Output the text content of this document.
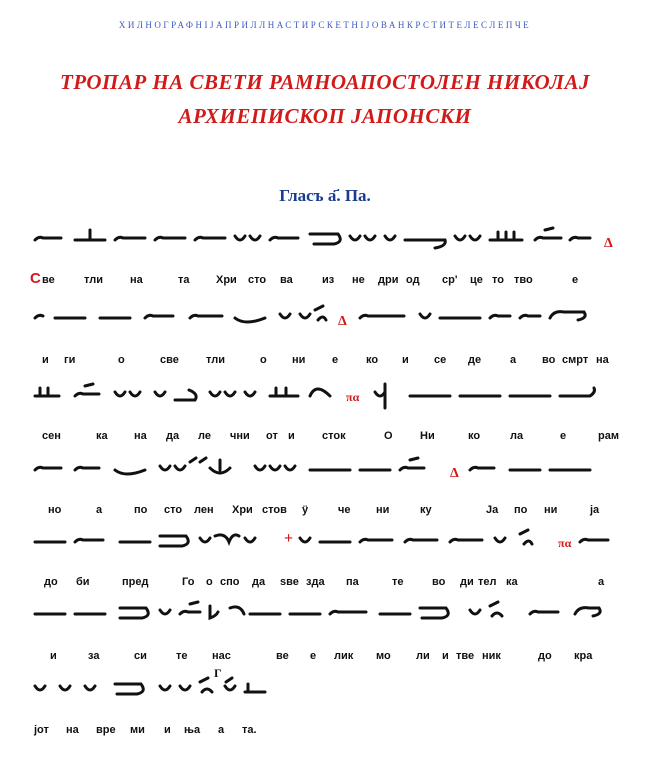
ХИЛНОГРАФНІЈАПРИЛЛНАСТИРСКЕТНІЈОВАНКРСТИТЕЛЕСЛЕПЧЕ
ТРОПАР НА СВЕТИ РАМНОАПОСТОЛЕН НИКОЛАЈ
АРХИЕПИСКОП ЈАПОНСКИ
Гласъ а҃. Па.
Δ
С ве	тли на	та Хри сто ва	из не дри од ср' це то тво	е
Δ
и ги	о	све тли	о ни е	ко и се де	а во смрт на
πα
сен	ка на да ле чни от и сток	О Ни	ко	ла	е	рам
Δ
но	а	по сто лен Хри стов ӱ	че ни	ку	Ја по ни	ја
+	πα
до би	пред	Го о спо да ѕве зда па	те	во ди тел ка	а
и	за	си	те нас	ве е лик мо ли и тве ник	до кра
Г
јот на вре ми и ња а та.
